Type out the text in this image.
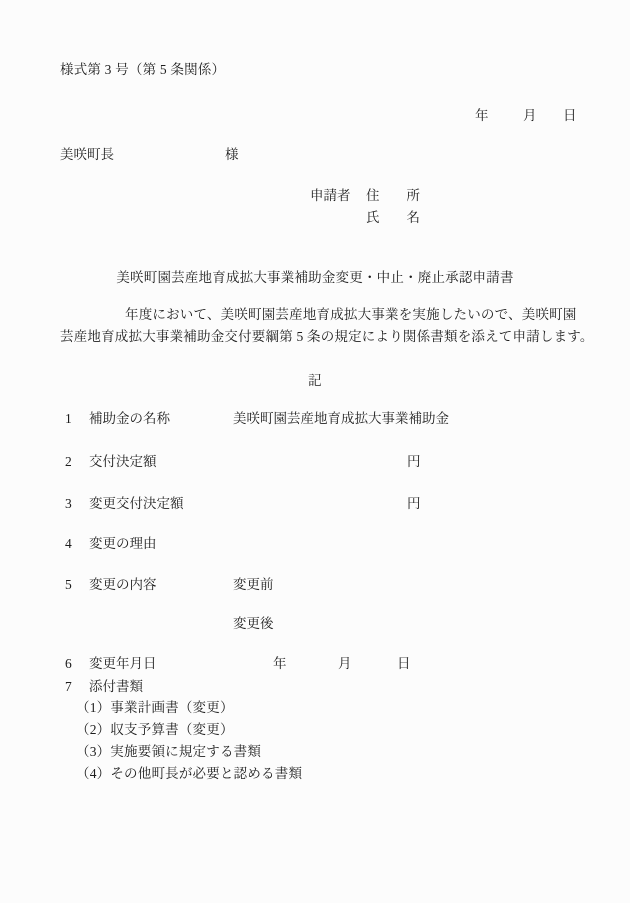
様式第 3 号（第 5 条関係）
年	月 日
美咲町長	様
申請者 住　　所
氏　　名
美咲町園芸産地育成拡大事業補助金変更・中止・廃止承認申請書
年度において、美咲町園芸産地育成拡大事業を実施したいので、美咲町園
芸産地育成拡大事業補助金交付要綱第 5 条の規定により関係書類を添えて申請します。
記
1 補助金の名称	美咲町園芸産地育成拡大事業補助金
2 交付決定額	円
3 変更交付決定額	円
4 変更の理由
5 変更の内容	変更前
変更後
6 変更年月日	年	月	日
7 添付書類
（1）事業計画書（変更）
（2）収支予算書（変更）
（3）実施要領に規定する書類
（4）その他町長が必要と認める書類
